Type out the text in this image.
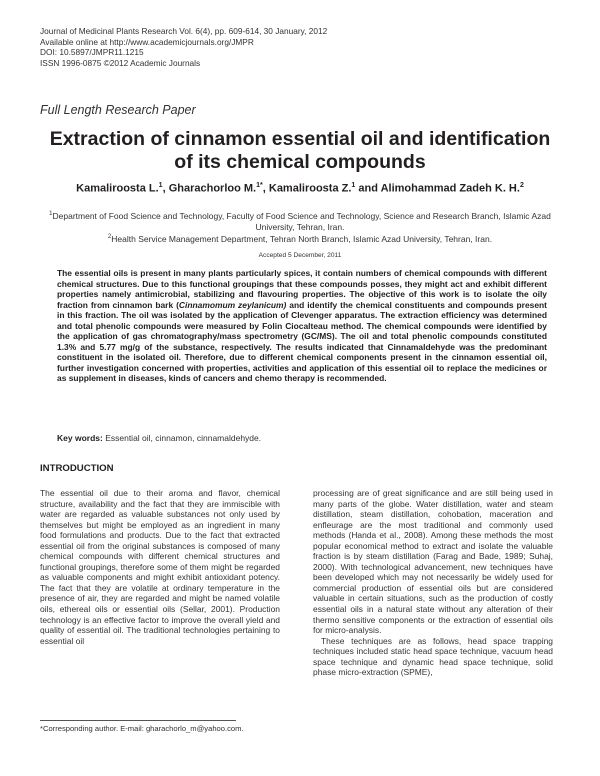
Journal of Medicinal Plants Research Vol. 6(4), pp. 609-614, 30 January, 2012
Available online at http://www.academicjournals.org/JMPR
DOI: 10.5897/JMPR11.1215
ISSN 1996-0875 ©2012 Academic Journals
Full Length Research Paper
Extraction of cinnamon essential oil and identification
of its chemical compounds
Kamaliroosta L.$^1$, Gharachorloo M.$^{1*}$, Kamaliroosta Z.$^1$ and Alimohammad Zadeh K. H.$^2$
$^1$Department of Food Science and Technology, Faculty of Food Science and Technology, Science and Research Branch, Islamic Azad University, Tehran, Iran.
$^2$Health Service Management Department, Tehran North Branch, Islamic Azad University, Tehran, Iran.
Accepted 5 December, 2011

The essential oils is present in many plants particularly spices, it contain numbers of chemical compounds with different chemical structures. Due to this functional groupings that these compounds posses, they might act and exhibit different properties namely antimicrobial, stabilizing and flavouring properties. The objective of this work is to isolate the oily fraction from cinnamon bark (Cinnamomum zeylanicum) and identify the chemical constituents and compounds present in this fraction. The oil was isolated by the application of Clevenger apparatus. The extraction efficiency was determined and total phenolic compounds were measured by Folin Ciocalteau method. The chemical compounds were identified by the application of gas chromatography/mass spectrometry (GC/MS). The oil and total phenolic compounds constituted 1.3% and 5.77 mg/g of the substance, respectively. The results indicated that Cinnamaldehyde was the predominant constituent in the isolated oil. Therefore, due to different chemical components present in the cinnamon essential oil, further investigation concerned with properties, activities and application of this essential oil to replace the medicines or as supplement in diseases, kinds of cancers and chemo therapy is recommended.

Key words: Essential oil, cinnamon, cinnamaldehyde.
INTRODUCTION

The essential oil due to their aroma and flavor, chemical structure, availability and the fact that they are immiscible with water are regarded as valuable substances not only used by themselves but might be employed as an ingredient in many food formulations and products. Due to the fact that extracted essential oil from the original substances is composed of many chemical compounds with different chemical structures and functional groupings, therefore some of them might be regarded as valuable components and might exhibit antioxidant potency. The fact that they are volatile at ordinary temperature in the presence of air, they are regarded and might be named volatile oils, ethereal oils or essential oils (Sellar, 2001). Production technology is an effective factor to improve the overall yield and quality of essential oil. The traditional technologies pertaining to essential oil

processing are of great significance and are still being used in many parts of the globe. Water distillation, water and steam distillation, steam distillation, cohobation, maceration and enfleurage are the most traditional and commonly used methods (Handa et al., 2008). Among these methods the most popular economical method to extract and isolate the valuable fraction is by steam distillation (Farag and Bade, 1989; Suhaj, 2000). With technological advancement, new techniques have been developed which may not necessarily be widely used for commercial production of essential oils but are considered valuable in certain situations, such as the production of costly essential oils in a natural state without any alteration of their thermo sensitive components or the extraction of essential oils for micro-analysis.

These techniques are as follows, head space trapping techniques included static head space technique, vacuum head space technique and dynamic head space technique, solid phase micro-extraction (SPME),

*Corresponding author. E-mail: gharachorlo_m@yahoo.com.
